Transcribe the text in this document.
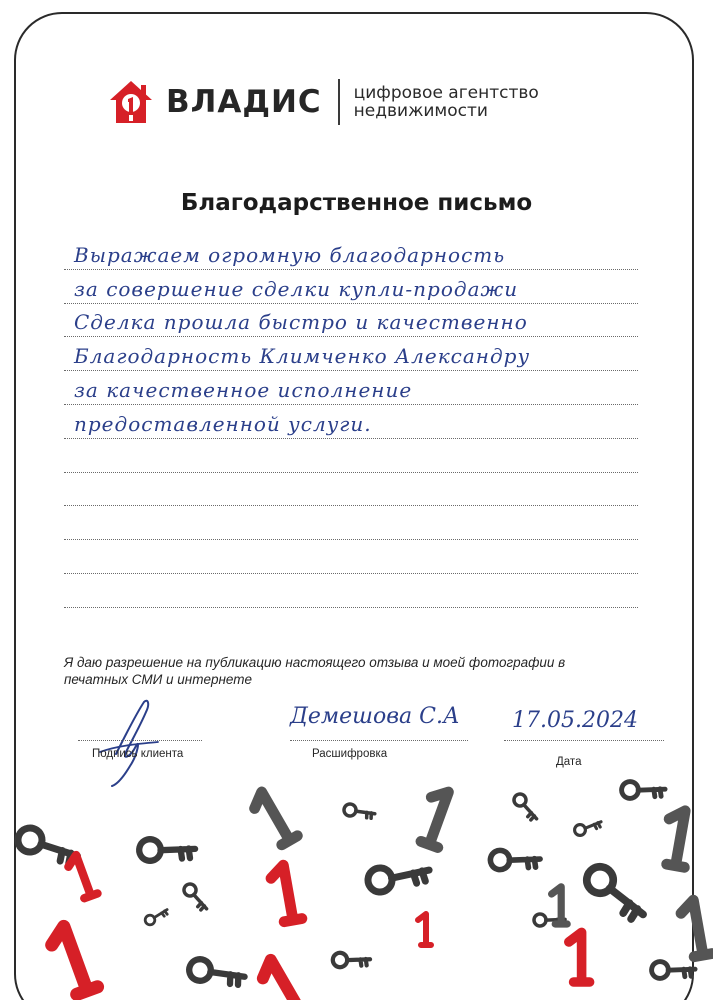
ВЛАДИС цифровое агентство
недвижимости
Благодарственное письмо
Выражаем огромную благодарность
за совершение сделки купли-продажи
Сделка прошла быстро и качественно
Благодарность Климченко Александру
за качественное исполнение
предоставленной услуги.
Я даю разрешение на публикацию настоящего отзыва и моей фотографии в печатных СМИ и интернете
Подпись клиента
Демешова С.А
Расшифровка
17.05.2024
Дата
